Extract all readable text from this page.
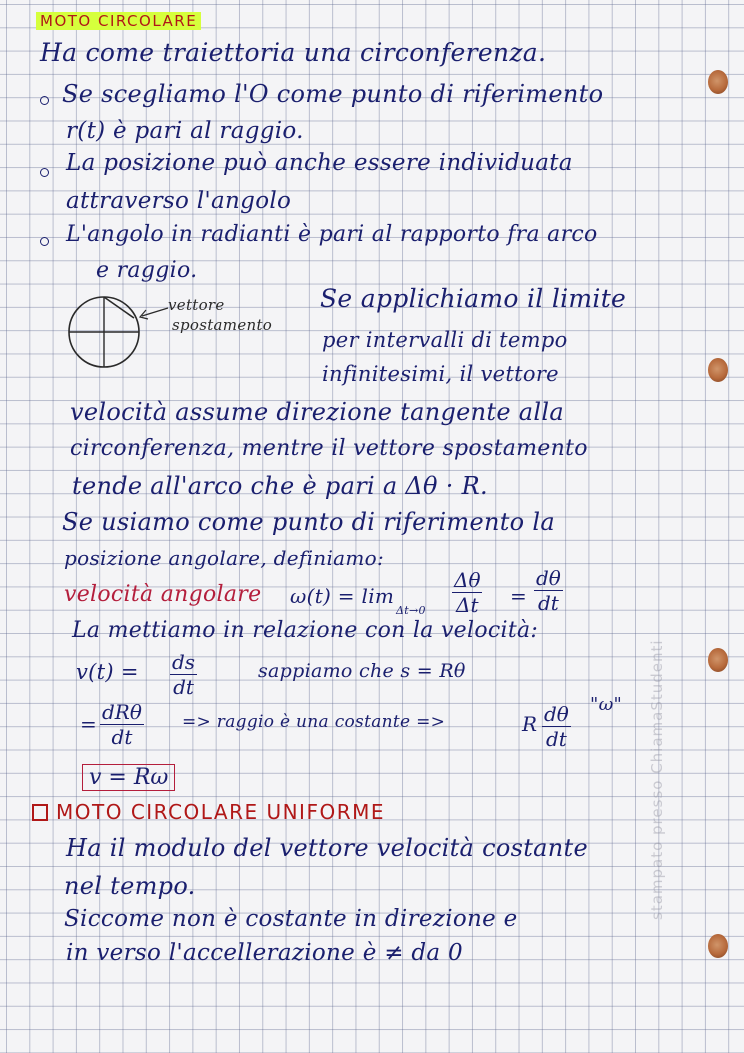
MOTO CIRCOLARE
Ha come traiettoria una circonferenza.
Se scegliamo l'O come punto di riferimento
r(t) è pari al raggio.
La posizione può anche essere individuata
attraverso l'angolo
L'angolo in radianti è pari al rapporto fra arco
e raggio.
vettore
spostamento
Se applichiamo il limite
per intervalli di tempo
infinitesimi, il vettore
velocità assume direzione tangente alla
circonferenza, mentre il vettore spostamento
tende all'arco che è pari a Δθ · R.
Se usiamo come punto di riferimento la
posizione angolare, definiamo:
velocità angolare ω(t) = lim
$\Delta t\to 0 \frac{\Delta\theta}{\Delta t} = \frac{d\theta}{dt}$
La mettiamo in relazione con la velocità:
$v(t) = \frac{ds}{dt}$	sappiamo che s = Rθ
= dRθ
dt
=> raggio è una costante =>	R $\frac{d\theta}{dt}$ "ω"
v = Rω
MOTO CIRCOLARE UNIFORME
Ha il modulo del vettore velocità costante
nel tempo.
Siccome non è costante in direzione e
in verso l'accellerazione è ≠ da 0
stampato presso ChiamaStudenti
